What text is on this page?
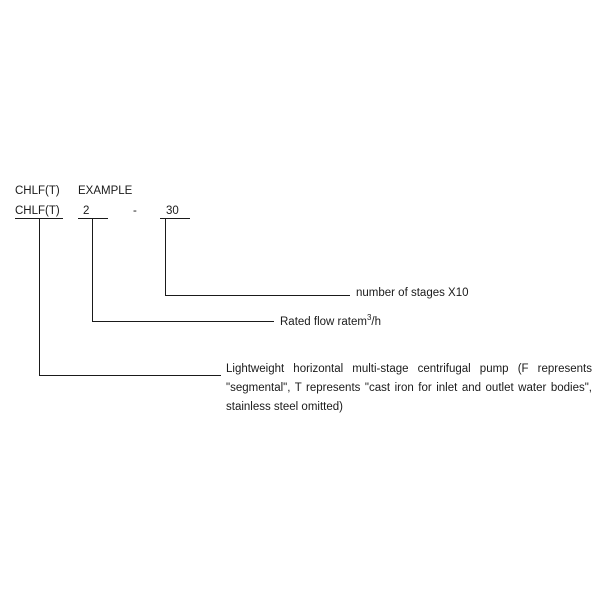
CHLF(T) EXAMPLE
CHLF(T) 2	-	30
number of stages X10
Rated flow ratem$^3$/h
Lightweight horizontal multi-stage centrifugal pump (F represents "segmental", T represents "cast iron for inlet and outlet water bodies", stainless steel omitted)
